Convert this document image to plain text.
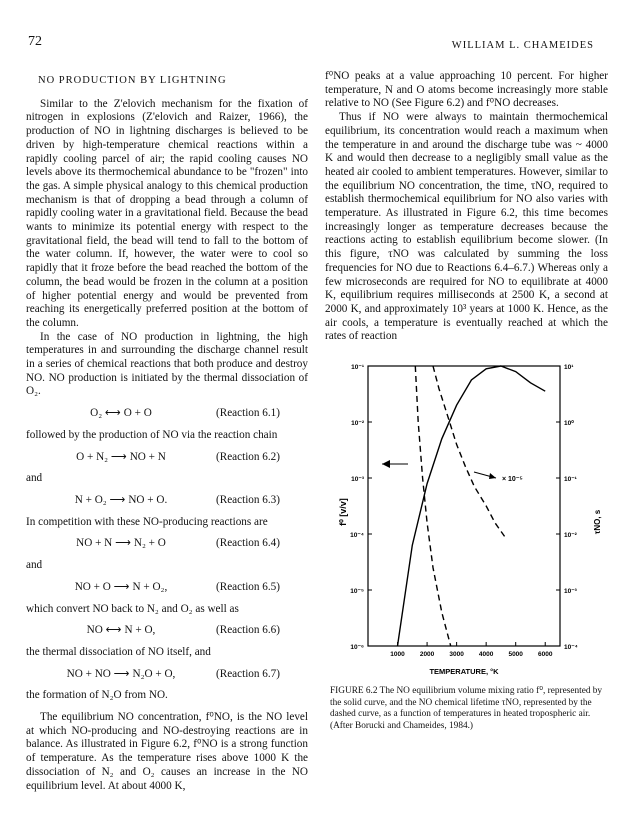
72	WILLIAM L. CHAMEIDES
NO PRODUCTION BY LIGHTNING

Similar to the Z'elovich mechanism for the fixation of nitrogen in explosions (Z'elovich and Raizer, 1966), the production of NO in lightning discharges is believed to be driven by high-temperature chemical reactions within a rapidly cooling parcel of air; the rapid cooling causes NO levels above its thermochemical abundance to be "frozen" into the gas. A simple physical analogy to this chemical production mechanism is that of dropping a bead through a column of rapidly cooling water in a gravitational field. Because the bead wants to minimize its potential energy with respect to the gravitational field, the bead will tend to fall to the bottom of the water column. If, however, the water were to cool so rapidly that it froze before the bead reached the bottom of the column, the bead would be frozen in the column at a position of higher potential energy and would be prevented from reaching its energetically preferred position at the bottom of the column.

In the case of NO production in lightning, the high temperatures in and surrounding the discharge channel result in a series of chemical reactions that both produce and destroy NO. NO production is initiated by the thermal dissociation of O₂.

O₂ ⟷ O + O	(Reaction 6.1)

followed by the production of NO via the reaction chain

O + N₂ ⟶ NO + N	(Reaction 6.2)

and

N + O₂ ⟶ NO + O.	(Reaction 6.3)

In competition with these NO-producing reactions are

NO + N ⟶ N₂ + O	(Reaction 6.4)

and

NO + O ⟶ N + O₂,	(Reaction 6.5)

which convert NO back to N₂ and O₂ as well as

NO ⟷ N + O,	(Reaction 6.6)

the thermal dissociation of NO itself, and

NO + NO ⟶ N₂O + O,	(Reaction 6.7)

the formation of N₂O from NO.

The equilibrium NO concentration, f⁰NO, is the NO level at which NO-producing and NO-destroying reactions are in balance. As illustrated in Figure 6.2, f⁰NO is a strong function of temperature. As the temperature rises above 1000 K the dissociation of N₂ and O₂ causes an increase in the NO equilibrium level. At about 4000 K,

f⁰NO peaks at a value approaching 10 percent. For higher temperature, N and O atoms become increasingly more stable relative to NO (See Figure 6.2) and f⁰NO decreases.

Thus if NO were always to maintain thermochemical equilibrium, its concentration would reach a maximum when the temperature in and around the discharge tube was ~ 4000 K and would then decrease to a negligibly small value as the heated air cooled to ambient temperatures. However, similar to the equilibrium NO concentration, the time, τNO, required to establish thermochemical equilibrium for NO also varies with temperature. As illustrated in Figure 6.2, this time becomes increasingly longer as temperature decreases because the reactions acting to establish equilibrium become slower. (In this figure, τNO was calculated by summing the loss frequencies for NO due to Reactions 6.4–6.7.) Whereas only a few microseconds are required for NO to equilibrate at 4000 K, equilibrium requires milliseconds at 2500 K, a second at 2000 K, and approximately 10³ years at 1000 K. Hence, as the air cools, a temperature is eventually reached at which the rates of reaction

1000 2000 3000 4000 5000 6000
10⁻¹
10⁻²
10⁻³
10⁻⁴
10⁻⁵
10⁻⁶
10¹
10⁰
10⁻¹
10⁻²
10⁻³
10⁻⁴
TEMPERATURE, °K
f⁰ [v/v]	τNO, s
× 10⁻⁵
FIGURE 6.2 The NO equilibrium volume mixing ratio f⁰, represented by the solid curve, and the NO chemical lifetime τNO, represented by the dashed curve, as a function of temperatures in heated tropospheric air. (After Borucki and Chameides, 1984.)
